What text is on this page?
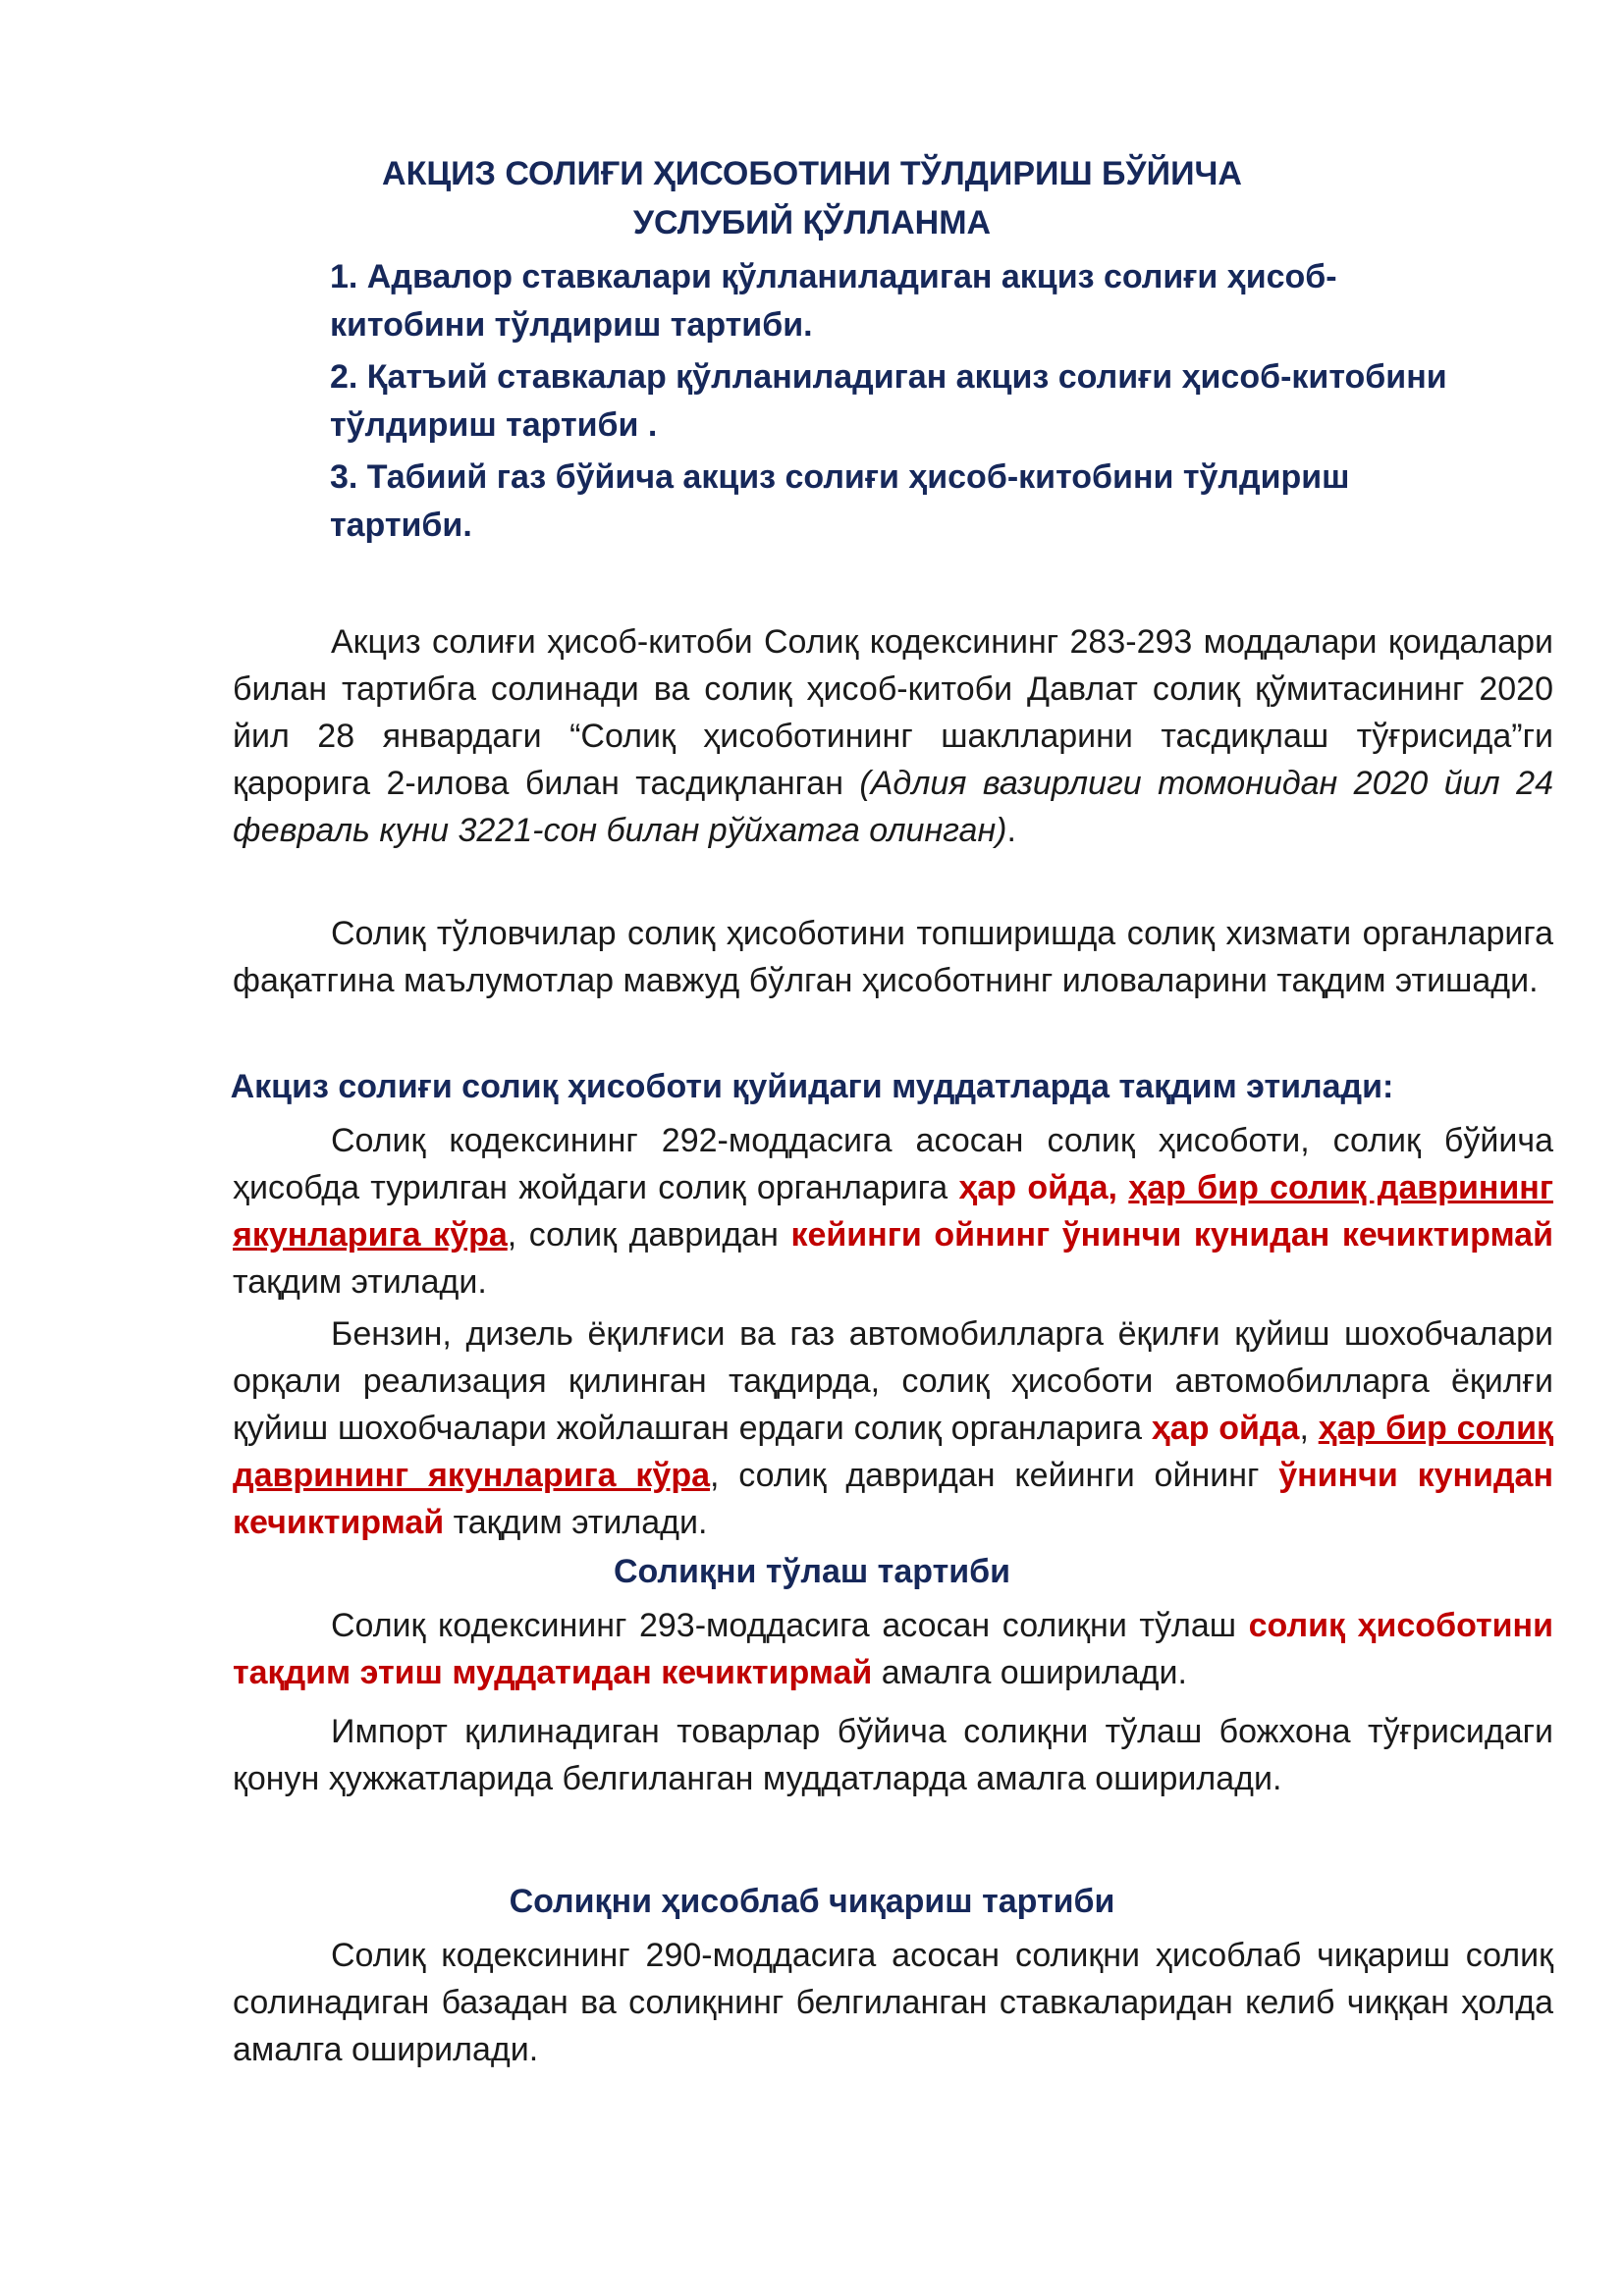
АКЦИЗ СОЛИҒИ ҲИСОБОТИНИ ТЎЛДИРИШ БЎЙИЧА
УСЛУБИЙ ҚЎЛЛАНМА

1. Адвалор ставкалари қўлланиладиган акциз солиғи ҳисоб-
китобини тўлдириш тартиби.

2. Қатъий ставкалар қўлланиладиган акциз солиғи ҳисоб-китобини
тўлдириш тартиби .

3. Табиий газ бўйича акциз солиғи ҳисоб-китобини тўлдириш
тартиби.

Акциз солиғи ҳисоб-китоби Солиқ кодексининг 283-293 моддалари қоидалари билан тартибга солинади ва солиқ ҳисоб-китоби Давлат солиқ қўмитасининг 2020 йил 28 январдаги “Солиқ ҳисоботининг шаклларини тасдиқлаш тўғрисида”ги қарорига 2-илова билан тасдиқланган (Адлия вазирлиги томонидан 2020 йил 24 февраль куни 3221-сон билан рўйхатга олинган).

Солиқ тўловчилар солиқ ҳисоботини топширишда солиқ хизмати органларига фақатгина маълумотлар мавжуд бўлган ҳисоботнинг иловаларини тақдим этишади.

Акциз солиғи солиқ ҳисоботи қуйидаги муддатларда тақдим этилади:

Солиқ кодексининг 292-моддасига асосан солиқ ҳисоботи, солиқ бўйича ҳисобда турилган жойдаги солиқ органларига ҳар ойда, ҳар бир солиқ даврининг якунларига кўра, солиқ давридан кейинги ойнинг ўнинчи кунидан кечиктирмай тақдим этилади.

Бензин, дизель ёқилғиси ва газ автомобилларга ёқилғи қуйиш шохобчалари орқали реализация қилинган тақдирда, солиқ ҳисоботи автомобилларга ёқилғи қуйиш шохобчалари жойлашган ердаги солиқ органларига ҳар ойда, ҳар бир солиқ даврининг якунларига кўра, солиқ давридан кейинги ойнинг ўнинчи кунидан кечиктирмай тақдим этилади.

Солиқни тўлаш тартиби

Солиқ кодексининг 293-моддасига асосан солиқни тўлаш солиқ ҳисоботини тақдим этиш муддатидан кечиктирмай амалга оширилади.

Импорт қилинадиган товарлар бўйича солиқни тўлаш божхона тўғрисидаги қонун ҳужжатларида белгиланган муддатларда амалга оширилади.

Солиқни ҳисоблаб чиқариш тартиби

Солиқ кодексининг 290-моддасига асосан солиқни ҳисоблаб чиқариш солиқ солинадиган базадан ва солиқнинг белгиланган ставкаларидан келиб чиққан ҳолда амалга оширилади.
